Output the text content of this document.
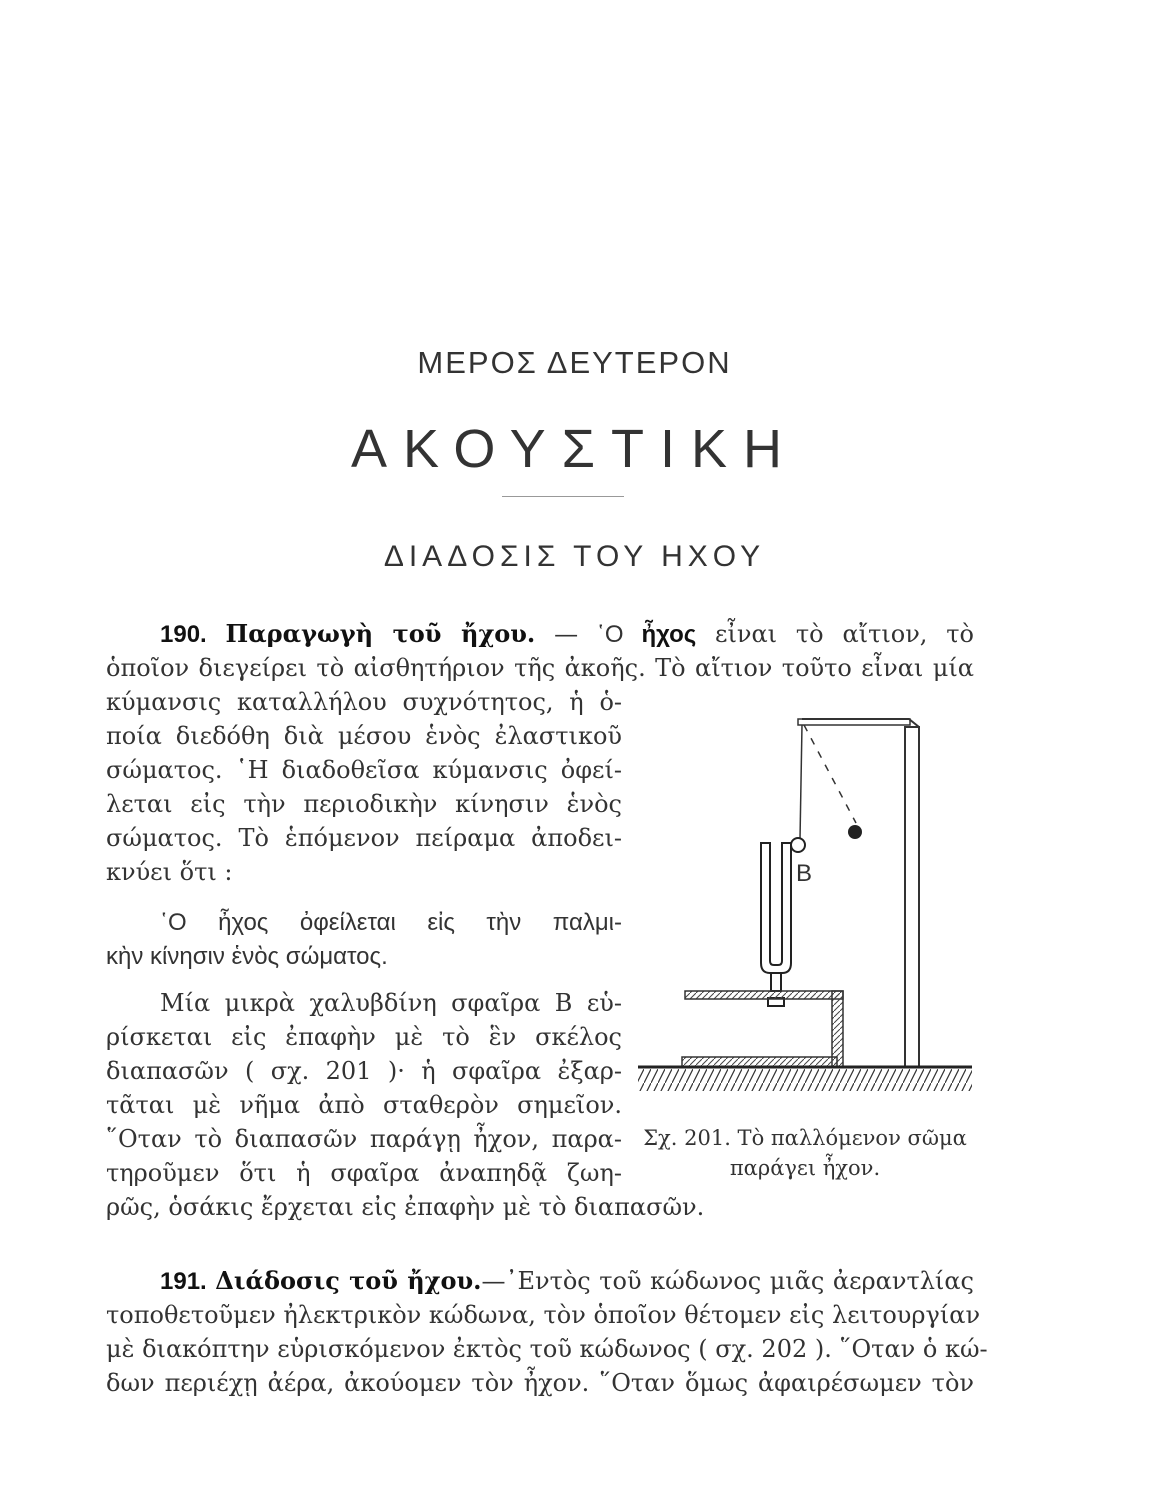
ΜΕΡΟΣ ΔΕΥΤΕΡΟΝ
ΑΚΟΥΣΤΙΚΗ
ΔΙΑΔΟΣΙΣ ΤΟΥ ΗΧΟΥ
190. Παραγωγὴ τοῦ ἤχου. — ῾Ο ἦχος εἶναι τὸ αἴτιον, τὸ
ὁποῖον διεγείρει τὸ αἰσθητήριον τῆς ἀκοῆς. Τὸ αἴτιον τοῦτο εἶναι μία
κύμανσις καταλλήλου συχνότητος, ἡ ὁ-
ποία διεδόθη διὰ μέσου ἑνὸς ἐλαστικοῦ
σώματος. ῾Η διαδοθεῖσα κύμανσις ὀφεί-
λεται εἰς τὴν περιοδικὴν κίνησιν ἑνὸς
σώματος. Τὸ ἑπόμενον πείραμα ἀποδει-
κνύει ὅτι :
῾Ο ἦχος ὀφείλεται εἰς τὴν παλμι-
κὴν κίνησιν ἑνὸς σώματος.
Μία μικρὰ χαλυβδίνη σφαῖρα Β εὑ-
ρίσκεται εἰς ἐπαφὴν μὲ τὸ ἓν σκέλος
διαπασῶν ( σχ. 201 )· ἡ σφαῖρα ἐξαρ-
τᾶται μὲ νῆμα ἀπὸ σταθερὸν σημεῖον.
῞Οταν τὸ διαπασῶν παράγῃ ἦχον, παρα-
τηροῦμεν ὅτι ἡ σφαῖρα ἀναπηδᾷ ζωη-
ρῶς, ὁσάκις ἔρχεται εἰς ἐπαφὴν μὲ τὸ διαπασῶν.
Β
Σχ. 201. Τὸ παλλόμενον σῶμα
παράγει ἦχον.
191. Διάδοσις τοῦ ἤχου.—᾿Εντὸς τοῦ κώδωνος μιᾶς ἀεραντλίας
τοποθετοῦμεν ἠλεκτρικὸν κώδωνα, τὸν ὁποῖον θέτομεν εἰς λειτουργίαν
μὲ διακόπτην εὑρισκόμενον ἐκτὸς τοῦ κώδωνος ( σχ. 202 ). ῞Οταν ὁ κώ-
δων περιέχῃ ἀέρα, ἀκούομεν τὸν ἦχον. ῞Οταν ὅμως ἀφαιρέσωμεν τὸν
